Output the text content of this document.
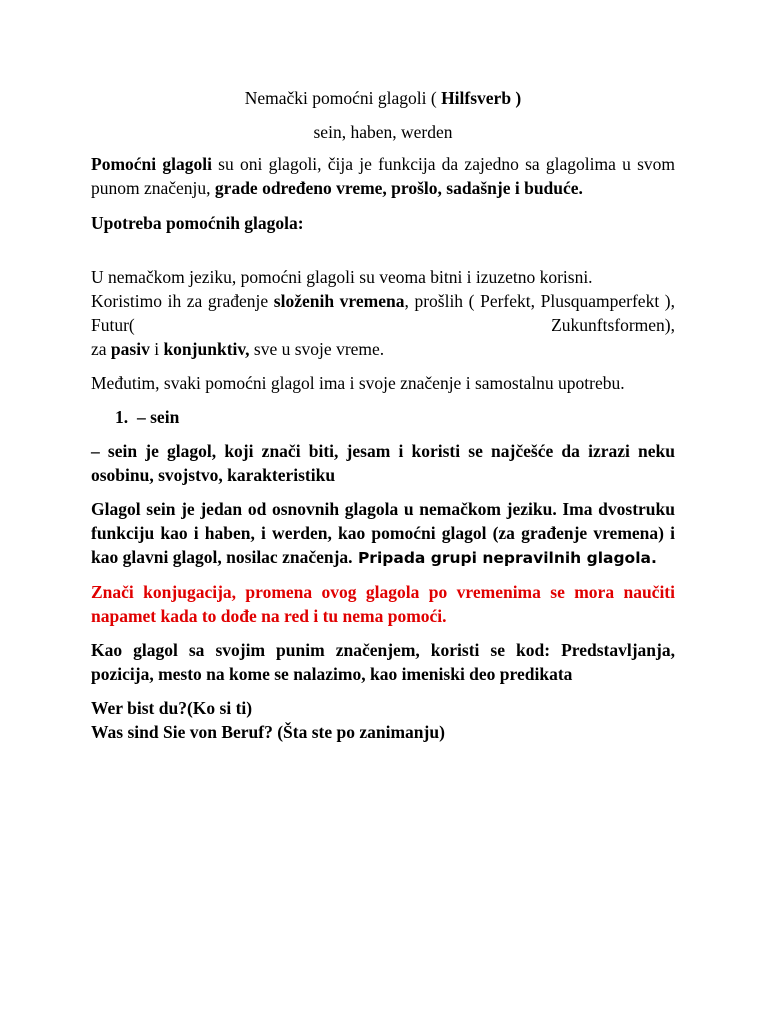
Nemački pomoćni glagoli ( Hilfsverb )

sein, haben, werden

Pomoćni glagoli su oni glagoli, čija je funkcija da zajedno sa glagolima u svom punom značenju, grade određeno vreme, prošlo, sadašnje i buduće.

Upotreba pomoćnih glagola:

U nemačkom jeziku, pomoćni glagoli su veoma bitni i izuzetno korisni.

Koristimo ih za građenje složenih vremena, prošlih ( Perfekt, Plusquamperfekt ), Futur( Zukunftsformen),

za pasiv i konjunktiv, sve u svoje vreme.

Međutim, svaki pomoćni glagol ima i svoje značenje i samostalnu upotrebu.

1. – sein

– sein je glagol, koji znači biti, jesam i koristi se najčešće da izrazi neku osobinu, svojstvo, karakteristiku

Glagol sein je jedan od osnovnih glagola u nemačkom jeziku. Ima dvostruku funkciju kao i haben, i werden, kao pomoćni glagol (za građenje vremena) i kao glavni glagol, nosilac značenja. Pripada grupi nepravilnih glagola.

Znači konjugacija, promena ovog glagola po vremenima se mora naučiti napamet kada to dođe na red i tu nema pomoći.

Kao glagol sa svojim punim značenjem, koristi se kod: Predstavljanja, pozicija, mesto na kome se nalazimo, kao imeniski deo predikata

Wer bist du?(Ko si ti)

Was sind Sie von Beruf? (Šta ste po zanimanju)
